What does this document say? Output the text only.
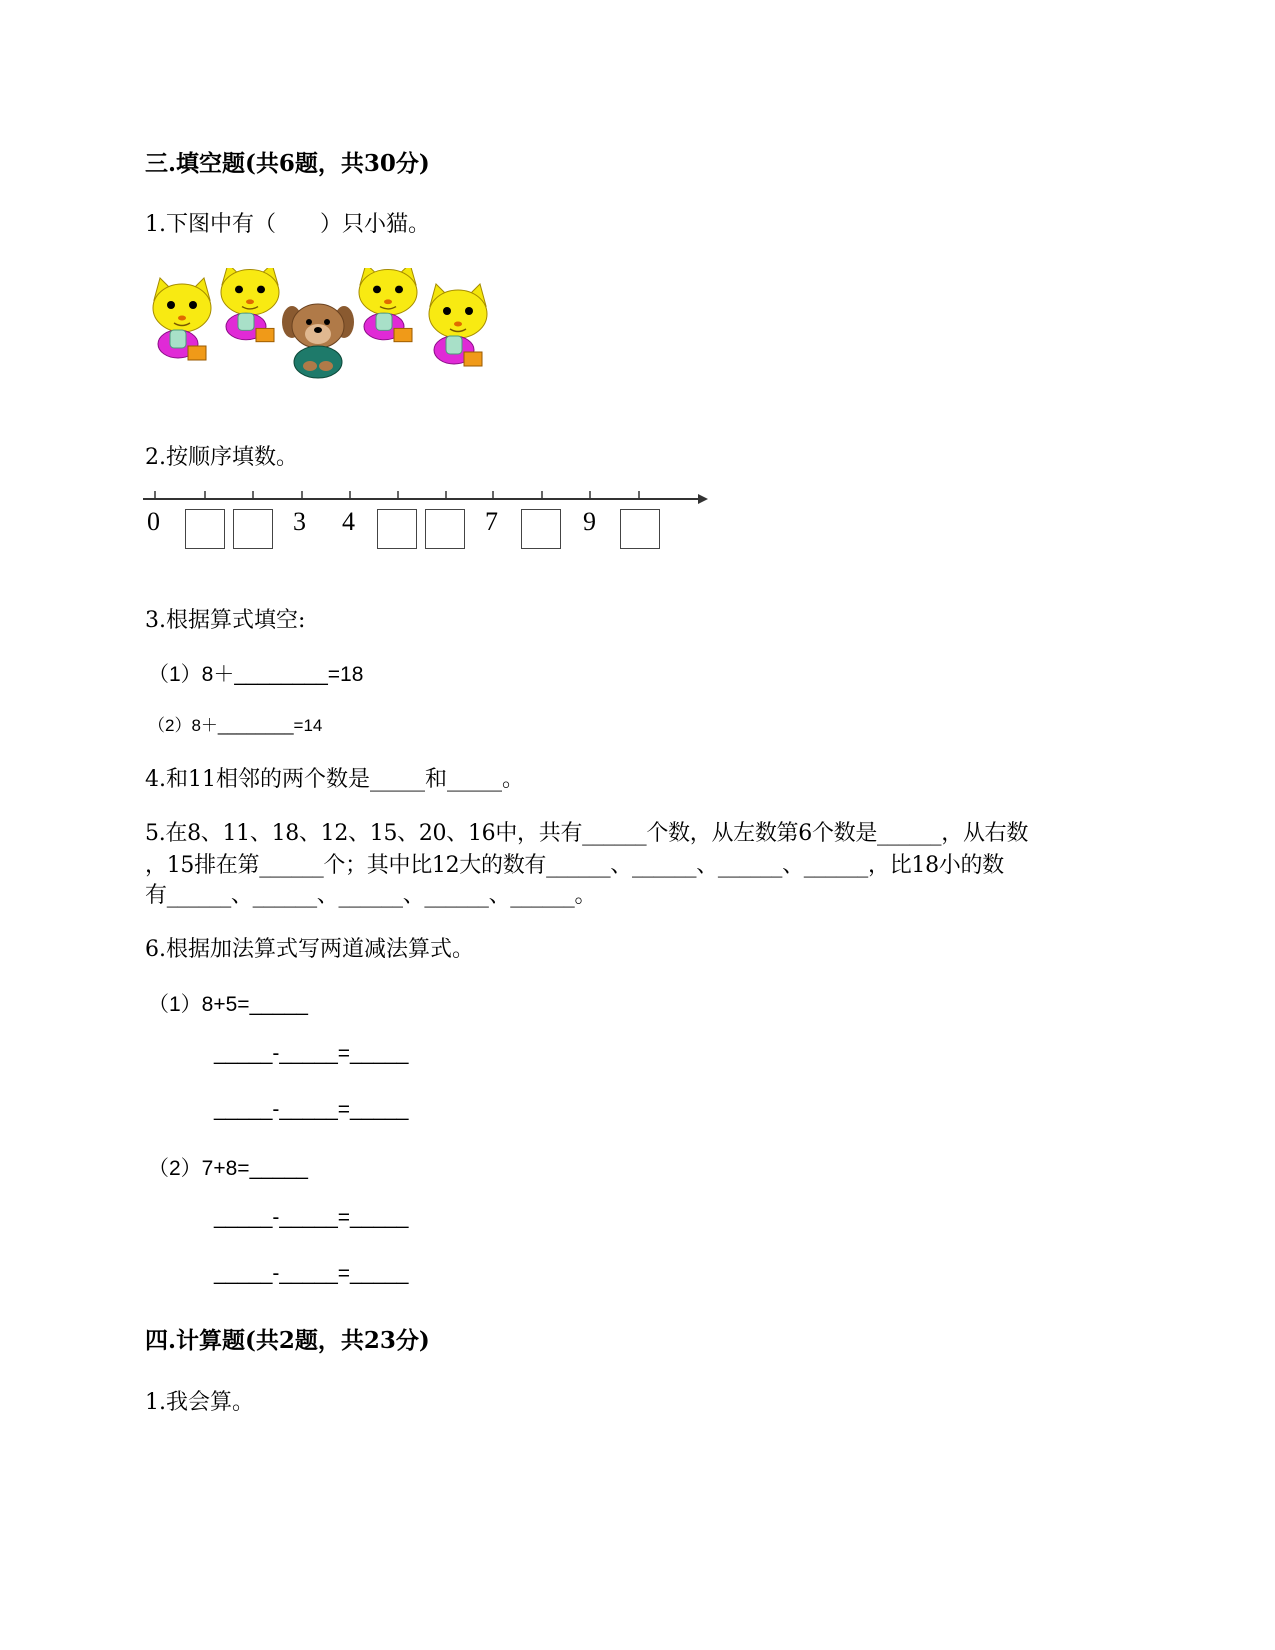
三.填空题(共6题，共30分)
1.下图中有（　　）只小猫。
2.按顺序填数。
0	3 4	7	9
3.根据算式填空:
（1）8＋________=18
（2）8＋________=14
4.和11相邻的两个数是_____和_____。
5.在8、11、18、12、15、20、16中，共有______个数，从左数第6个数是______，从右数
，15排在第______个；其中比12大的数有______、______、______、______，比18小的数
有______、______、______、______、______。
6.根据加法算式写两道减法算式。
（1）8+5=_____
_____-_____=_____
_____-_____=_____
（2）7+8=_____
_____-_____=_____
_____-_____=_____
四.计算题(共2题，共23分)
1.我会算。
